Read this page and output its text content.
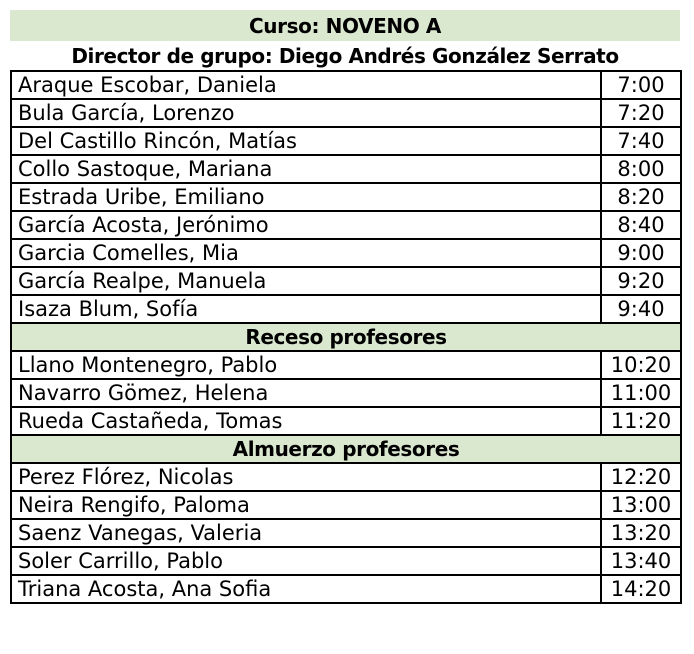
Curso: NOVENO A
Director de grupo: Diego Andrés González Serrato
Araque Escobar, Daniela	7:00
Bula García, Lorenzo	7:20
Del Castillo Rincón, Matías	7:40
Collo Sastoque, Mariana	8:00
Estrada Uribe, Emiliano	8:20
García Acosta, Jerónimo	8:40
Garcia Comelles, Mia	9:00
García Realpe, Manuela	9:20
Isaza Blum, Sofía	9:40
Receso profesores	
Llano Montenegro, Pablo	10:20
Navarro Gömez, Helena	11:00
Rueda Castañeda, Tomas	11:20
Almuerzo profesores	
Perez Flórez, Nicolas	12:20
Neira Rengifo, Paloma	13:00
Saenz Vanegas, Valeria	13:20
Soler Carrillo, Pablo	13:40
Triana Acosta, Ana Sofia	14:20
